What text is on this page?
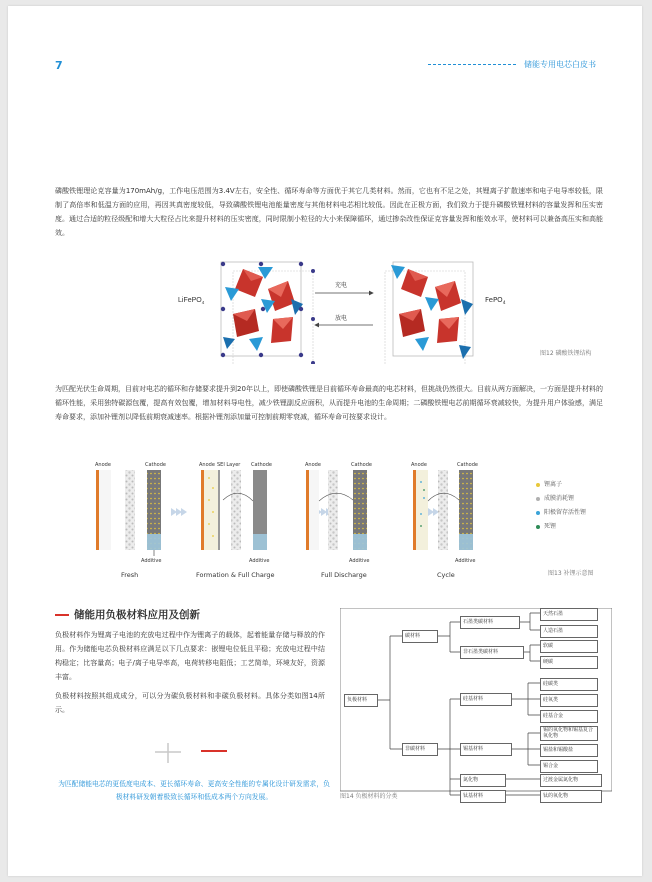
7	储能专用电芯白皮书
磷酸铁锂理论克容量为170mAh/g，工作电压范围为3.4V左右，安全性、循环寿命等方面优于其它几类材料。然而，它也有不足之处，其锂离子扩散速率和电子电导率较低，限制了高倍率和低温方面的应用，再因其真密度较低，导致磷酸铁锂电池能量密度与其他材料电芯相比较低。因此在正极方面，我们致力于提升磷酸铁锂材料的容量发挥和压实密度。通过合适的粒径级配和增大大粒径占比来提升材料的压实密度，同时限制小粒径的大小来保障循环，通过掺杂改性保证克容量发挥和能效水平，使材料可以兼备高压实和高能效。
LiFePO$_4$
充电
放电
FePO$_4$
图12 磷酸铁锂结构
为匹配光伏生命周期，目前对电芯的循环和存储要求提升到20年以上，即使磷酸铁锂是目前循环寿命最高的电芯材料，但挑战仍然很大。目前从两方面解决，一方面是提升材料的循环性能，采用独特碳源包覆，提高有效包覆，增加材料导电性，减少铁锂副反应面积，从而提升电池的生命周期；二磷酸铁锂电芯前期循环衰减较快，为提升用户体验感，满足寿命要求，添加补锂剂以降低前期衰减速率。根据补锂剂添加量可控制前期零衰减，循环寿命可按要求设计。
Anode	Cathode	Anode SEI Layer Cathode	Anode	Cathode	Anode	Cathode
Additive	Additive	Additive	Additive
Fresh	Formation & Full Charge	Full Discharge	Cycle
锂离子
成膜消耗锂
阳极留存活性锂
死锂
图13 补锂示意图
储能用负极材料应用及创新
负极材料作为锂离子电池的充放电过程中作为锂离子的载体，起着能量存储与释放的作用。作为储能电芯负极材料应满足以下几点要求：嵌锂电位低且平稳；充放电过程中结构稳定；比容量高；电子/离子电导率高，电荷转移电阻低；工艺简单，环境友好，资源丰富。
负极材料按照其组成成分，可以分为碳负极材料和非碳负极材料。具体分类如图14所示。
为匹配储能电芯的更低度电成本、更长循环寿命、更高安全性能的专属化设计研发需求，负极材料研发朝着极致长循环和低成本两个方向发展。
负极材料
碳材料
非碳材料
石墨类碳材料
非石墨类碳材料
天然石墨
人造石墨
软碳
硬碳
硅基材料
硅碳类
硅氧类
硅基合金
锡基材料
锡的氧化物和锡基复合氧化物
锡盐和锡酸盐
锡合金
氮化物	过渡金属氮化物
钛基材料	钛的氧化物
图14 负极材料的分类
